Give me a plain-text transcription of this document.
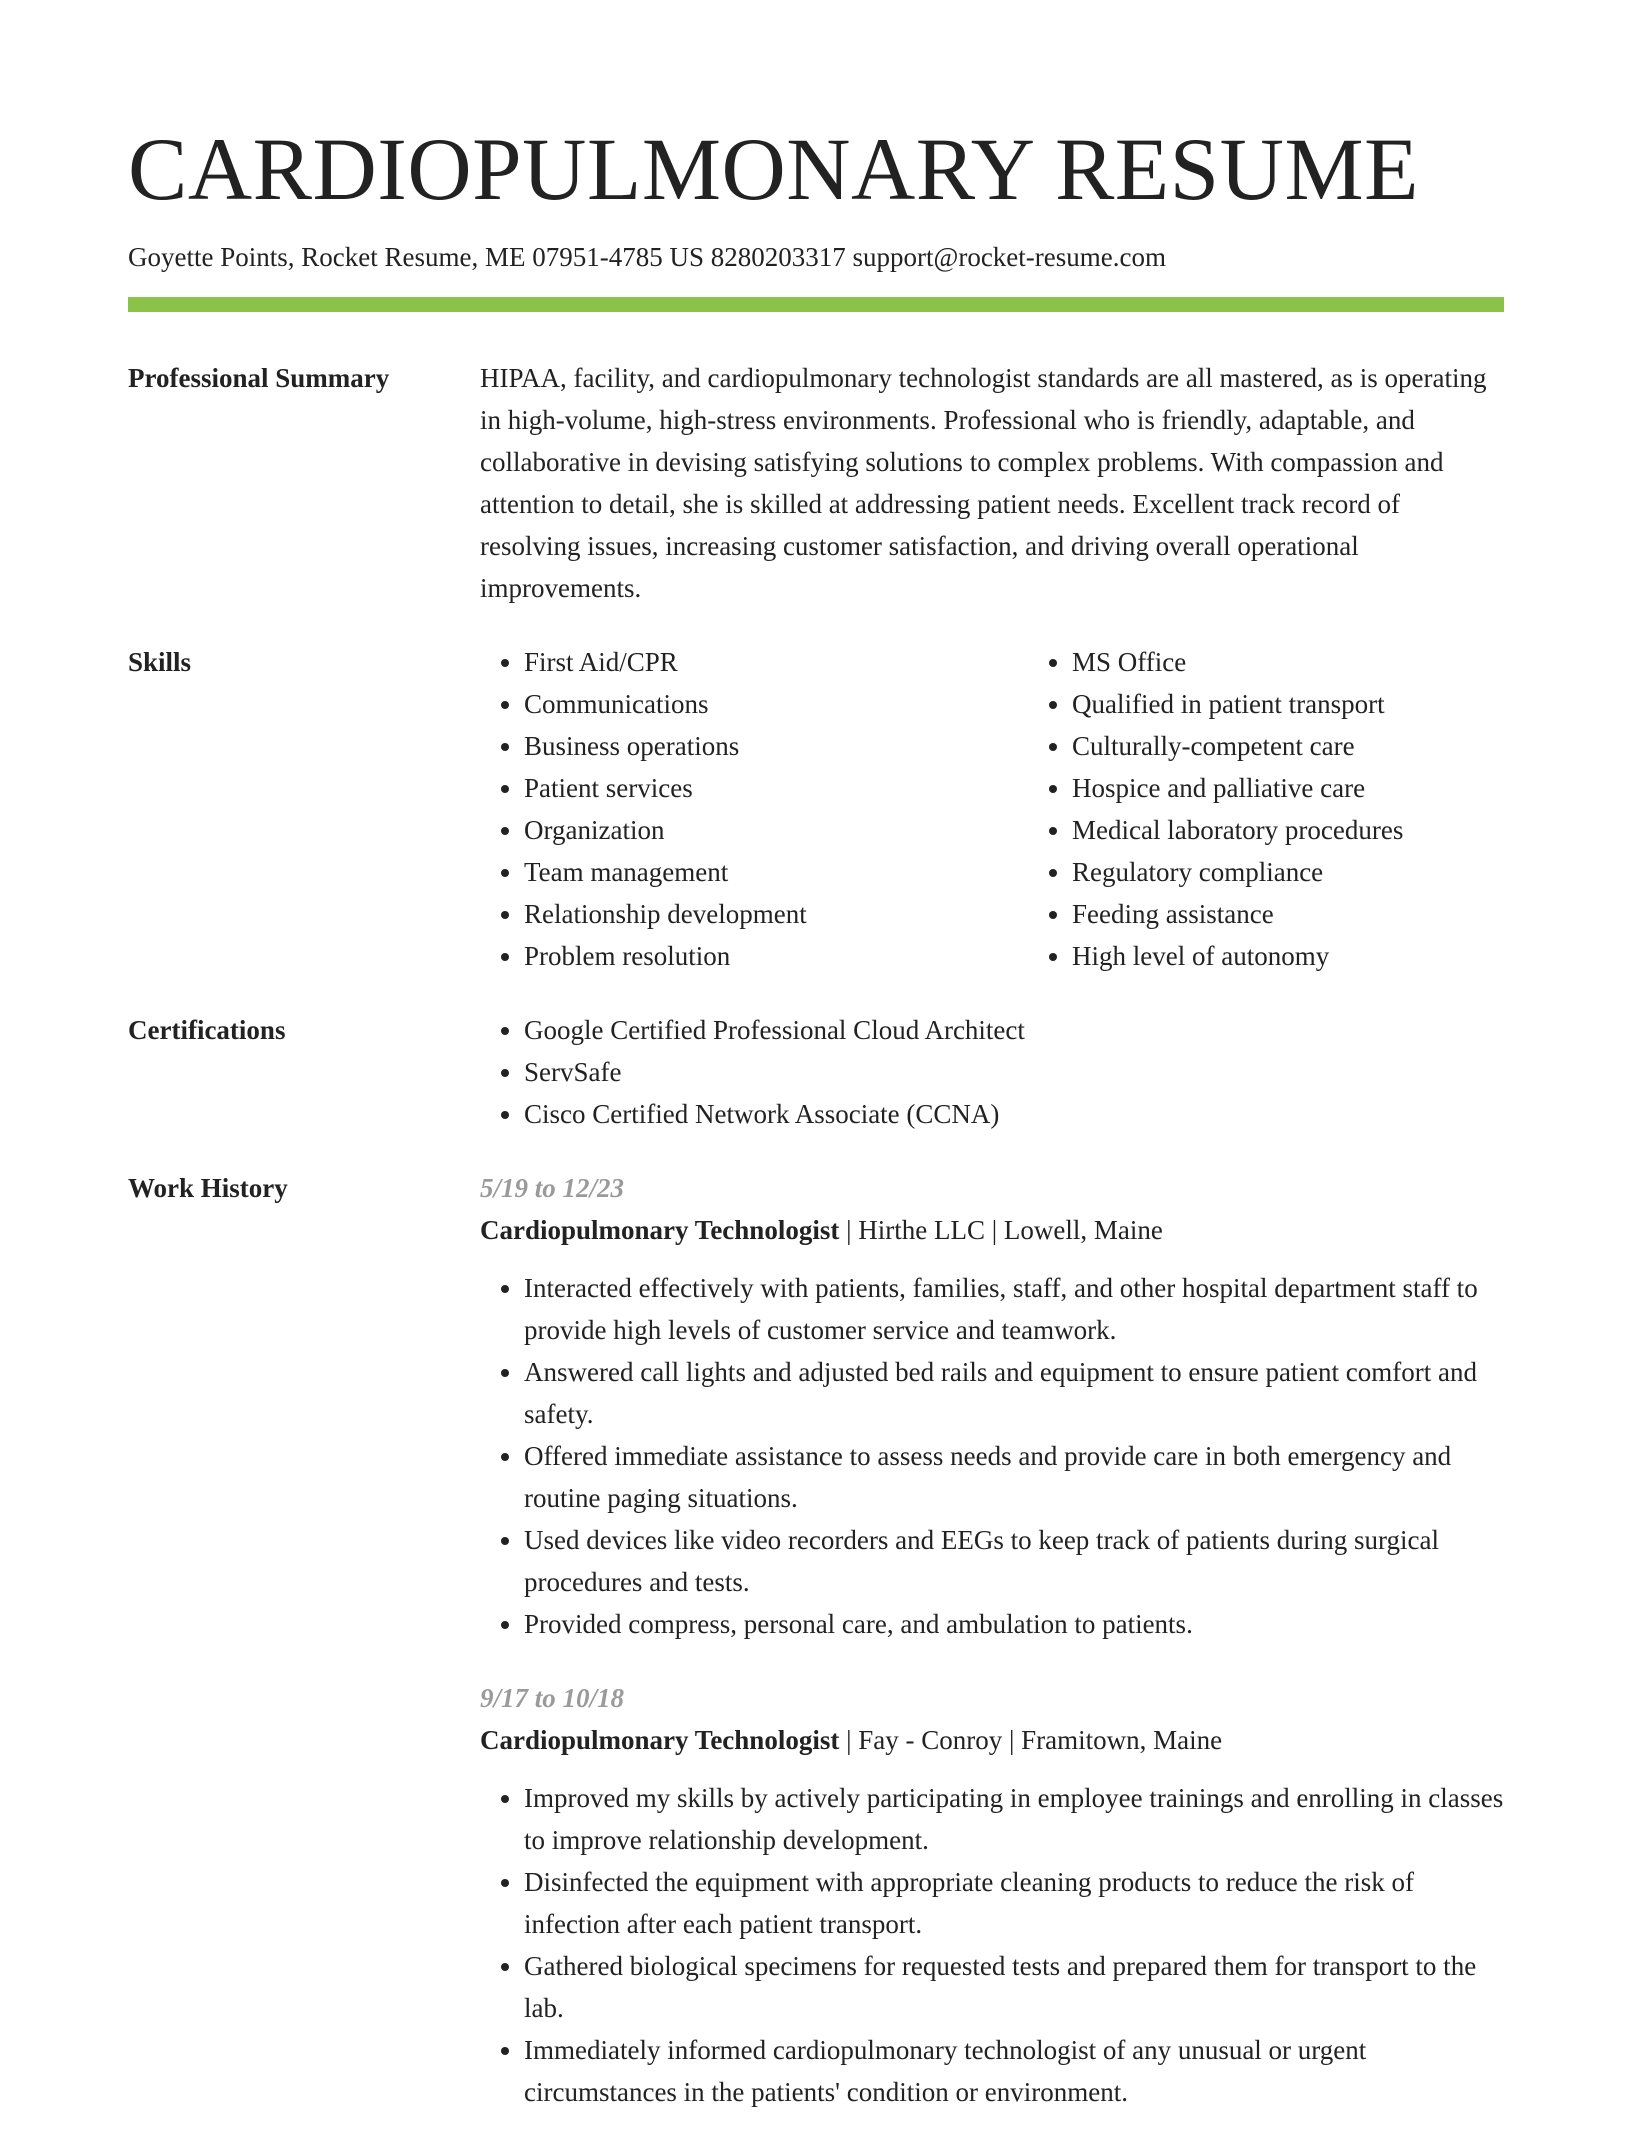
CARDIOPULMONARY RESUME
Goyette Points, Rocket Resume, ME 07951-4785 US 8280203317 support@rocket-resume.com
Professional Summary	HIPAA, facility, and cardiopulmonary technologist standards are all mastered, as is operating in high-volume, high-stress environments. Professional who is friendly, adaptable, and collaborative in devising satisfying solutions to complex problems. With compassion and attention to detail, she is skilled at addressing patient needs. Excellent track record of resolving issues, increasing customer satisfaction, and driving overall operational improvements.

Skills	• First Aid/CPR
• Communications
• Business operations
• Patient services
• Organization
• Team management
• Relationship development
• Problem resolution
• MS Office
• Qualified in patient transport
• Culturally-competent care
• Hospice and palliative care
• Medical laboratory procedures
• Regulatory compliance
• Feeding assistance
• High level of autonomy
Certifications	• Google Certified Professional Cloud Architect
• ServSafe
• Cisco Certified Network Associate (CCNA)
Work History	5/19 to 12/23
Cardiopulmonary Technologist | Hirthe LLC | Lowell, Maine
• Interacted effectively with patients, families, staff, and other hospital department staff to provide high levels of customer service and teamwork.
• Answered call lights and adjusted bed rails and equipment to ensure patient comfort and safety.
• Offered immediate assistance to assess needs and provide care in both emergency and routine paging situations.
• Used devices like video recorders and EEGs to keep track of patients during surgical procedures and tests.
• Provided compress, personal care, and ambulation to patients.
9/17 to 10/18
Cardiopulmonary Technologist | Fay - Conroy | Framitown, Maine
• Improved my skills by actively participating in employee trainings and enrolling in classes to improve relationship development.
• Disinfected the equipment with appropriate cleaning products to reduce the risk of infection after each patient transport.
• Gathered biological specimens for requested tests and prepared them for transport to the lab.
• Immediately informed cardiopulmonary technologist of any unusual or urgent circumstances in the patients' condition or environment.
